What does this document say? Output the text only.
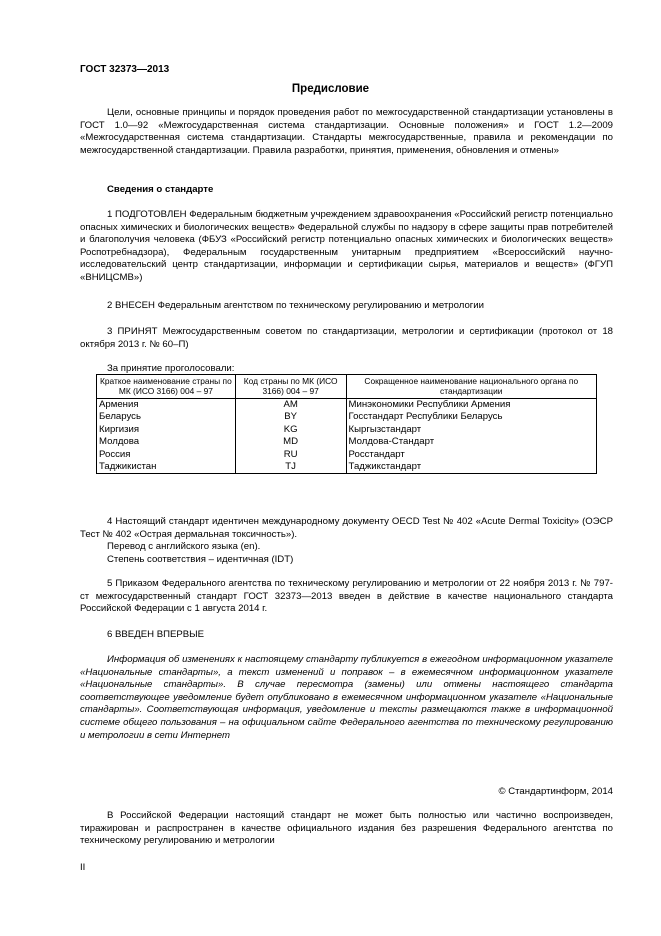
ГОСТ 32373—2013
Предисловие

Цели, основные принципы и порядок проведения работ по межгосударственной стандартизации установлены в ГОСТ 1.0—92 «Межгосударственная система стандартизации. Основные положения» и ГОСТ 1.2—2009 «Межгосударственная система стандартизации. Стандарты межгосударственные, правила и рекомендации по межгосударственной стандартизации. Правила разработки, принятия, применения, обновления и отмены»

Сведения о стандарте

1 ПОДГОТОВЛЕН Федеральным бюджетным учреждением здравоохранения «Российский регистр потенциально опасных химических и биологических веществ» Федеральной службы по надзору в сфере защиты прав потребителей и благополучия человека (ФБУЗ «Российский регистр потенциально опасных химических и биологических веществ» Роспотребнадзора), Федеральным государственным унитарным предприятием «Всероссийский научно-исследовательский центр стандартизации, информации и сертификации сырья, материалов и веществ» (ФГУП «ВНИЦСМВ»)

2 ВНЕСЕН Федеральным агентством по техническому регулированию и метрологии

3 ПРИНЯТ Межгосударственным советом по стандартизации, метрологии и сертификации (протокол от 18 октября 2013 г. № 60–П)

За принятие проголосовали:

Краткое наименование страны по МК (ИСО 3166) 004 – 97	Код страны по МК (ИСО 3166) 004 – 97	Сокращенное наименование национального органа по стандартизации
Армения	AM	Минэкономики Республики Армения
Беларусь	BY	Госстандарт Республики Беларусь
Киргизия	KG	Кыргызстандарт
Молдова	MD	Молдова-Стандарт
Россия	RU	Росстандарт
Таджикистан	TJ	Таджикстандарт

4 Настоящий стандарт идентичен международному документу OECD Test № 402 «Acute Dermal Toxicity» (ОЭСР Тест № 402 «Острая дермальная токсичность»).

Перевод с английского языка (en).

Степень соответствия – идентичная (IDT)

5 Приказом Федерального агентства по техническому регулированию и метрологии от 22 ноября 2013 г. № 797-ст межгосударственный стандарт ГОСТ 32373—2013 введен в действие в качестве национального стандарта Российской Федерации с 1 августа 2014 г.

6 ВВЕДЕН ВПЕРВЫЕ

Информация об изменениях к настоящему стандарту публикуется в ежегодном информационном указателе «Национальные стандарты», а текст изменений и поправок – в ежемесячном информационном указателе «Национальные стандарты». В случае пересмотра (замены) или отмены настоящего стандарта соответствующее уведомление будет опубликовано в ежемесячном информационном указателе «Национальные стандарты». Соответствующая информация, уведомление и тексты размещаются также в информационной системе общего пользования – на официальном сайте Федерального агентства по техническому регулированию и метрологии в сети Интернет

© Стандартинформ, 2014

В Российской Федерации настоящий стандарт не может быть полностью или частично воспроизведен, тиражирован и распространен в качестве официального издания без разрешения Федерального агентства по техническому регулированию и метрологии

II
